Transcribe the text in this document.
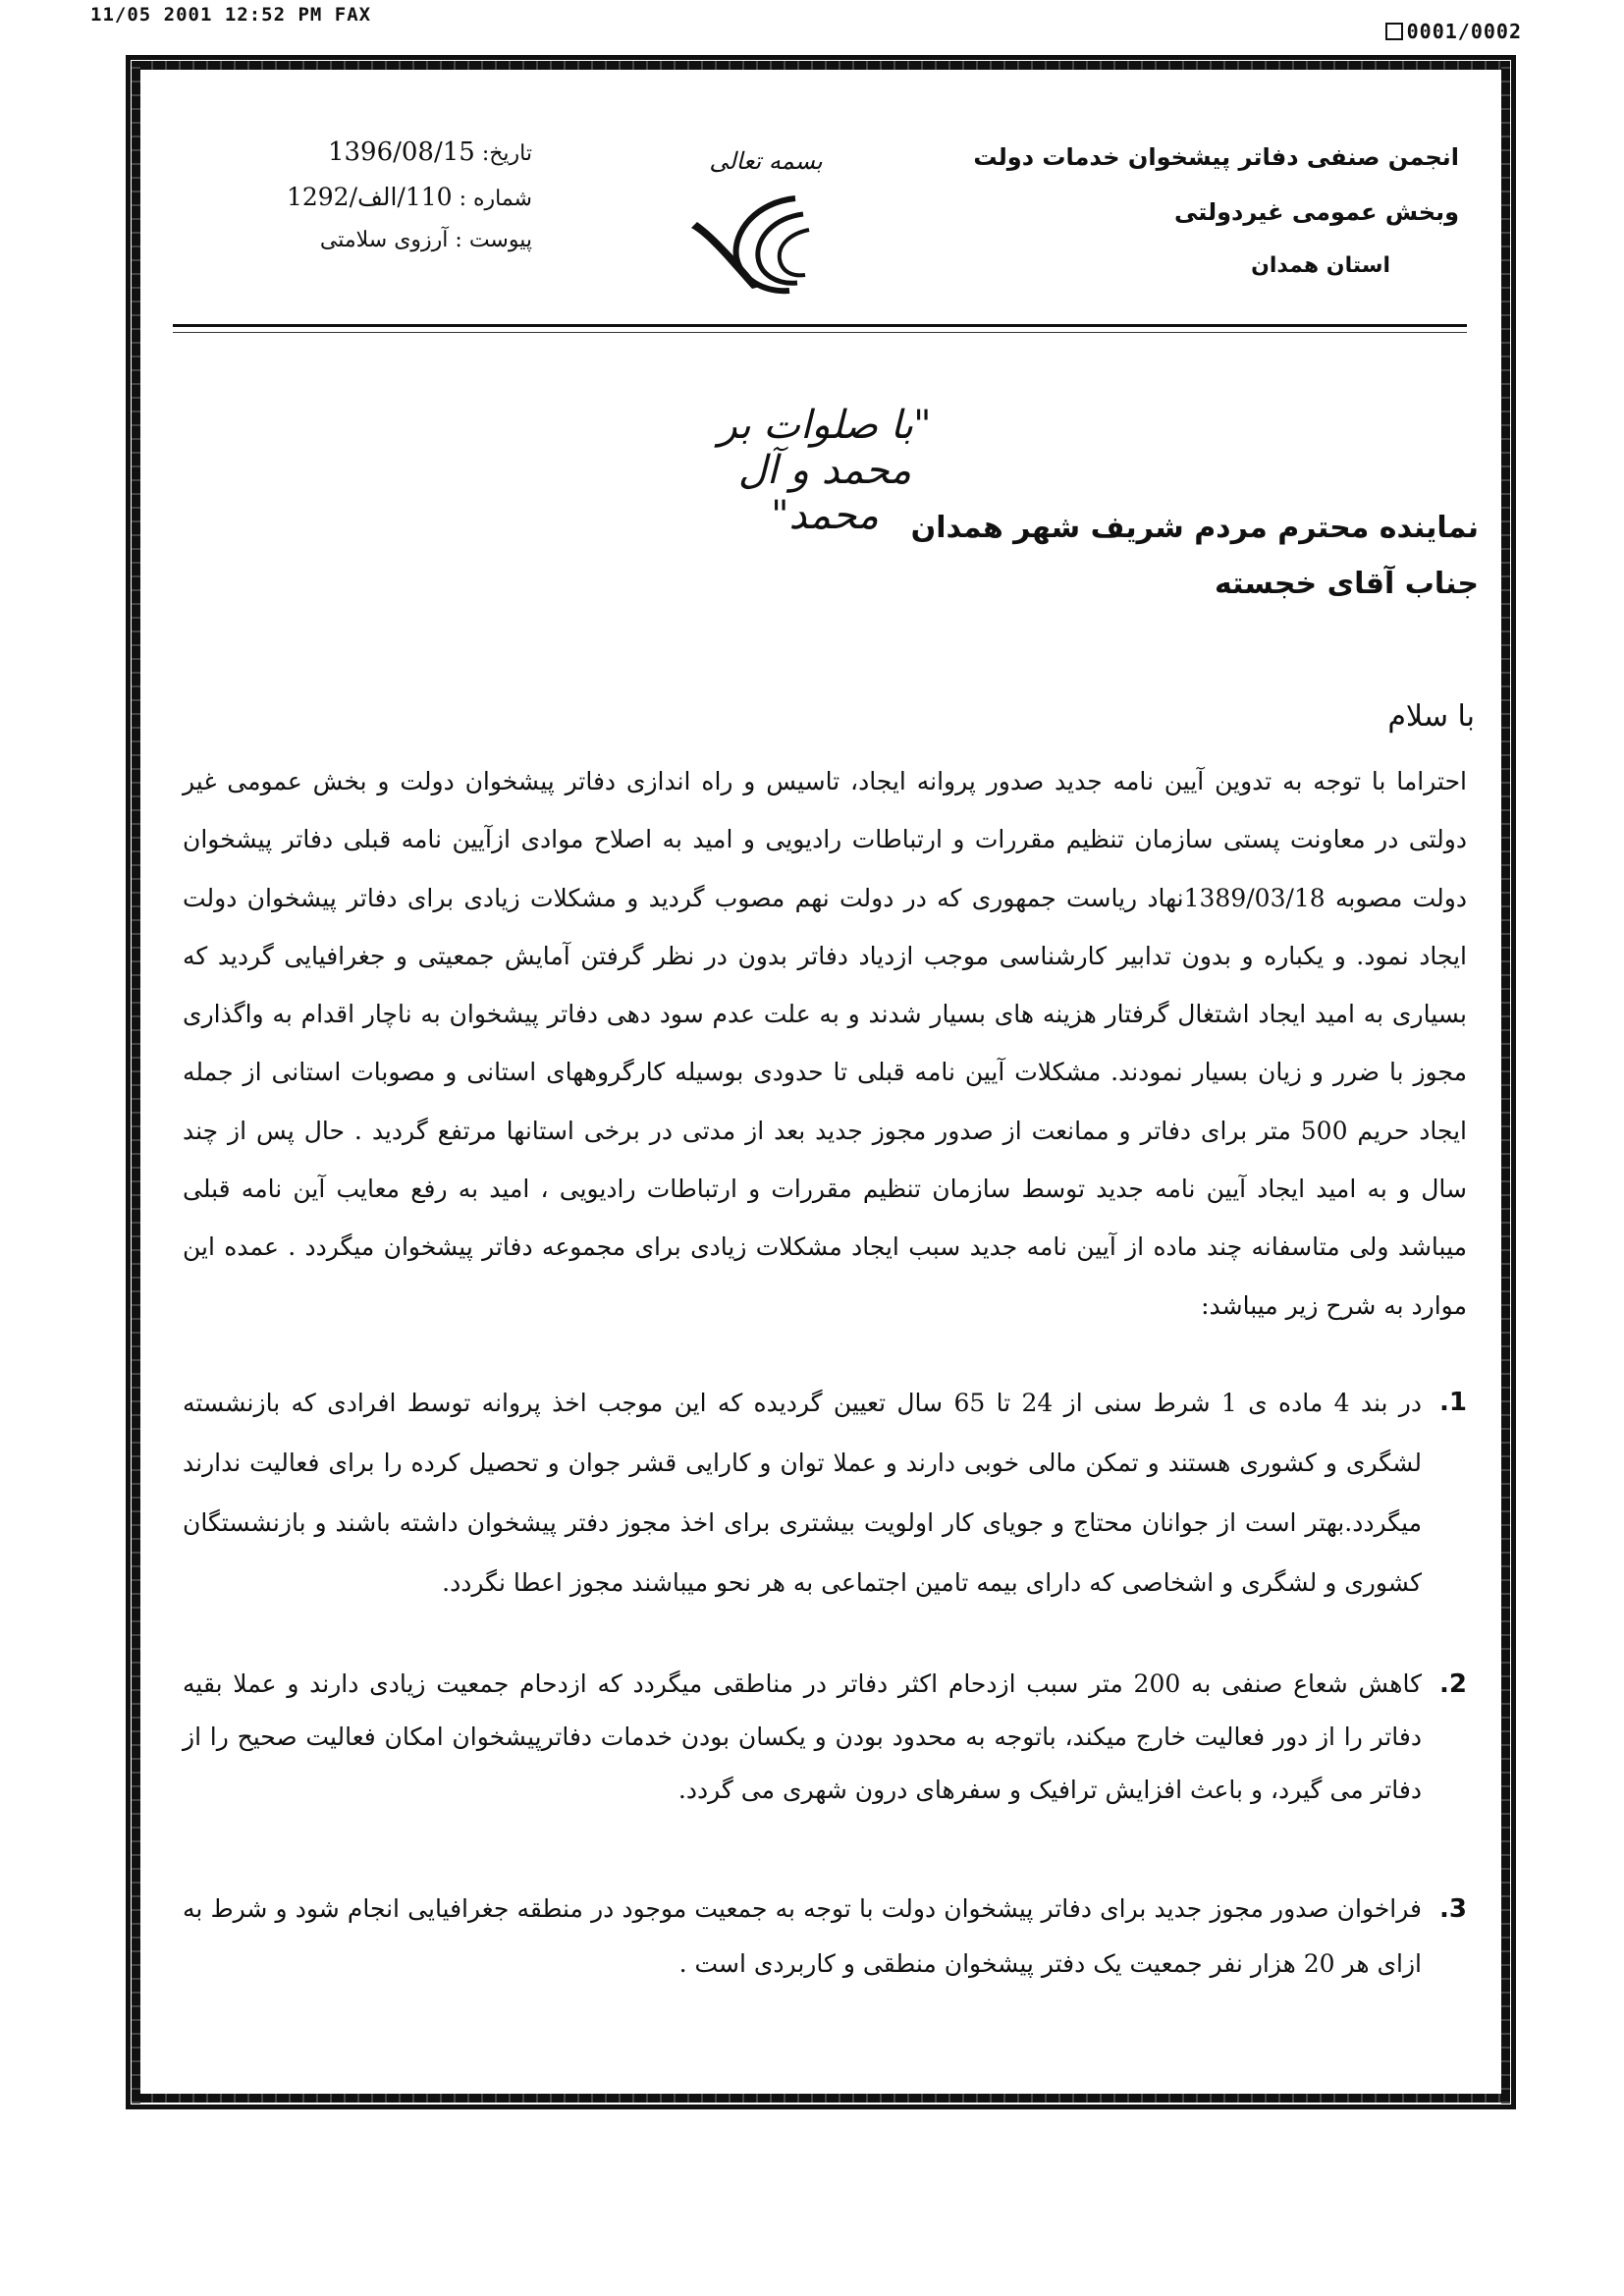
11/05 2001 12:52 PM FAX
0001/0002
انجمن صنفی دفاتر پیشخوان خدمات دولت
وبخش عمومی غیردولتی
استان همدان
بسمه تعالی
تاریخ: 1396/08/15
شماره : 110/الف/1292
پیوست : آرزوی سلامتی
"با صلوات بر محمد و آل محمد"	نماینده محترم مردم شریف شهر همدان
جناب آقای خجسته
با سلام

احتراما با توجه به تدوین آیین نامه جدید صدور پروانه ایجاد، تاسیس و راه اندازی دفاتر پیشخوان دولت و بخش عمومی غیر دولتی در معاونت پستی سازمان تنظیم مقررات و ارتباطات رادیویی و امید به اصلاح موادی ازآیین نامه قبلی دفاتر پیشخوان دولت مصوبه 1389/03/18نهاد ریاست جمهوری که در دولت نهم مصوب گردید و مشکلات زیادی برای دفاتر پیشخوان دولت ایجاد نمود. و یکباره و بدون تدابیر کارشناسی موجب ازدیاد دفاتر بدون در نظر گرفتن آمایش جمعیتی و جغرافیایی گردید که بسیاری به امید ایجاد اشتغال گرفتار هزینه های بسیار شدند و به علت عدم سود دهی دفاتر پیشخوان به ناچار اقدام به واگذاری مجوز با ضرر و زیان بسیار نمودند. مشکلات آیین نامه قبلی تا حدودی بوسیله کارگروههای استانی و مصوبات استانی از جمله ایجاد حریم 500 متر برای دفاتر و ممانعت از صدور مجوز جدید بعد از مدتی در برخی استانها مرتفع گردید . حال پس از چند سال و به امید ایجاد آیین نامه جدید توسط سازمان تنظیم مقررات و ارتباطات رادیویی ، امید به رفع معایب آین نامه قبلی میباشد ولی متاسفانه چند ماده از آیین نامه جدید سبب ایجاد مشکلات زیادی برای مجموعه دفاتر پیشخوان میگردد . عمده این موارد به شرح زیر میباشد:

1.
در بند 4 ماده ی 1 شرط سنی از 24 تا 65 سال تعیین گردیده که این موجب اخذ پروانه توسط افرادی که بازنشسته لشگری و کشوری هستند و تمکن مالی خوبی دارند و عملا توان و کارایی قشر جوان و تحصیل کرده را برای فعالیت ندارند میگردد.بهتر است از جوانان محتاج و جویای کار اولویت بیشتری برای اخذ مجوز دفتر پیشخوان داشته باشند و بازنشستگان کشوری و لشگری و اشخاصی که دارای بیمه تامین اجتماعی به هر نحو میباشند مجوز اعطا نگردد.
2.
کاهش شعاع صنفی به 200 متر سبب ازدحام اکثر دفاتر در مناطقی میگردد که ازدحام جمعیت زیادی دارند و عملا بقیه دفاتر را از دور فعالیت خارج میکند، باتوجه به محدود بودن و یکسان بودن خدمات دفاترپیشخوان امکان فعالیت صحیح را از دفاتر می گیرد، و باعث افزایش ترافیک و سفرهای درون شهری می گردد.
3.
فراخوان صدور مجوز جدید برای دفاتر پیشخوان دولت با توجه به جمعیت موجود در منطقه جغرافیایی انجام شود و شرط به ازای هر 20 هزار نفر جمعیت یک دفتر پیشخوان منطقی و کاربردی است .
